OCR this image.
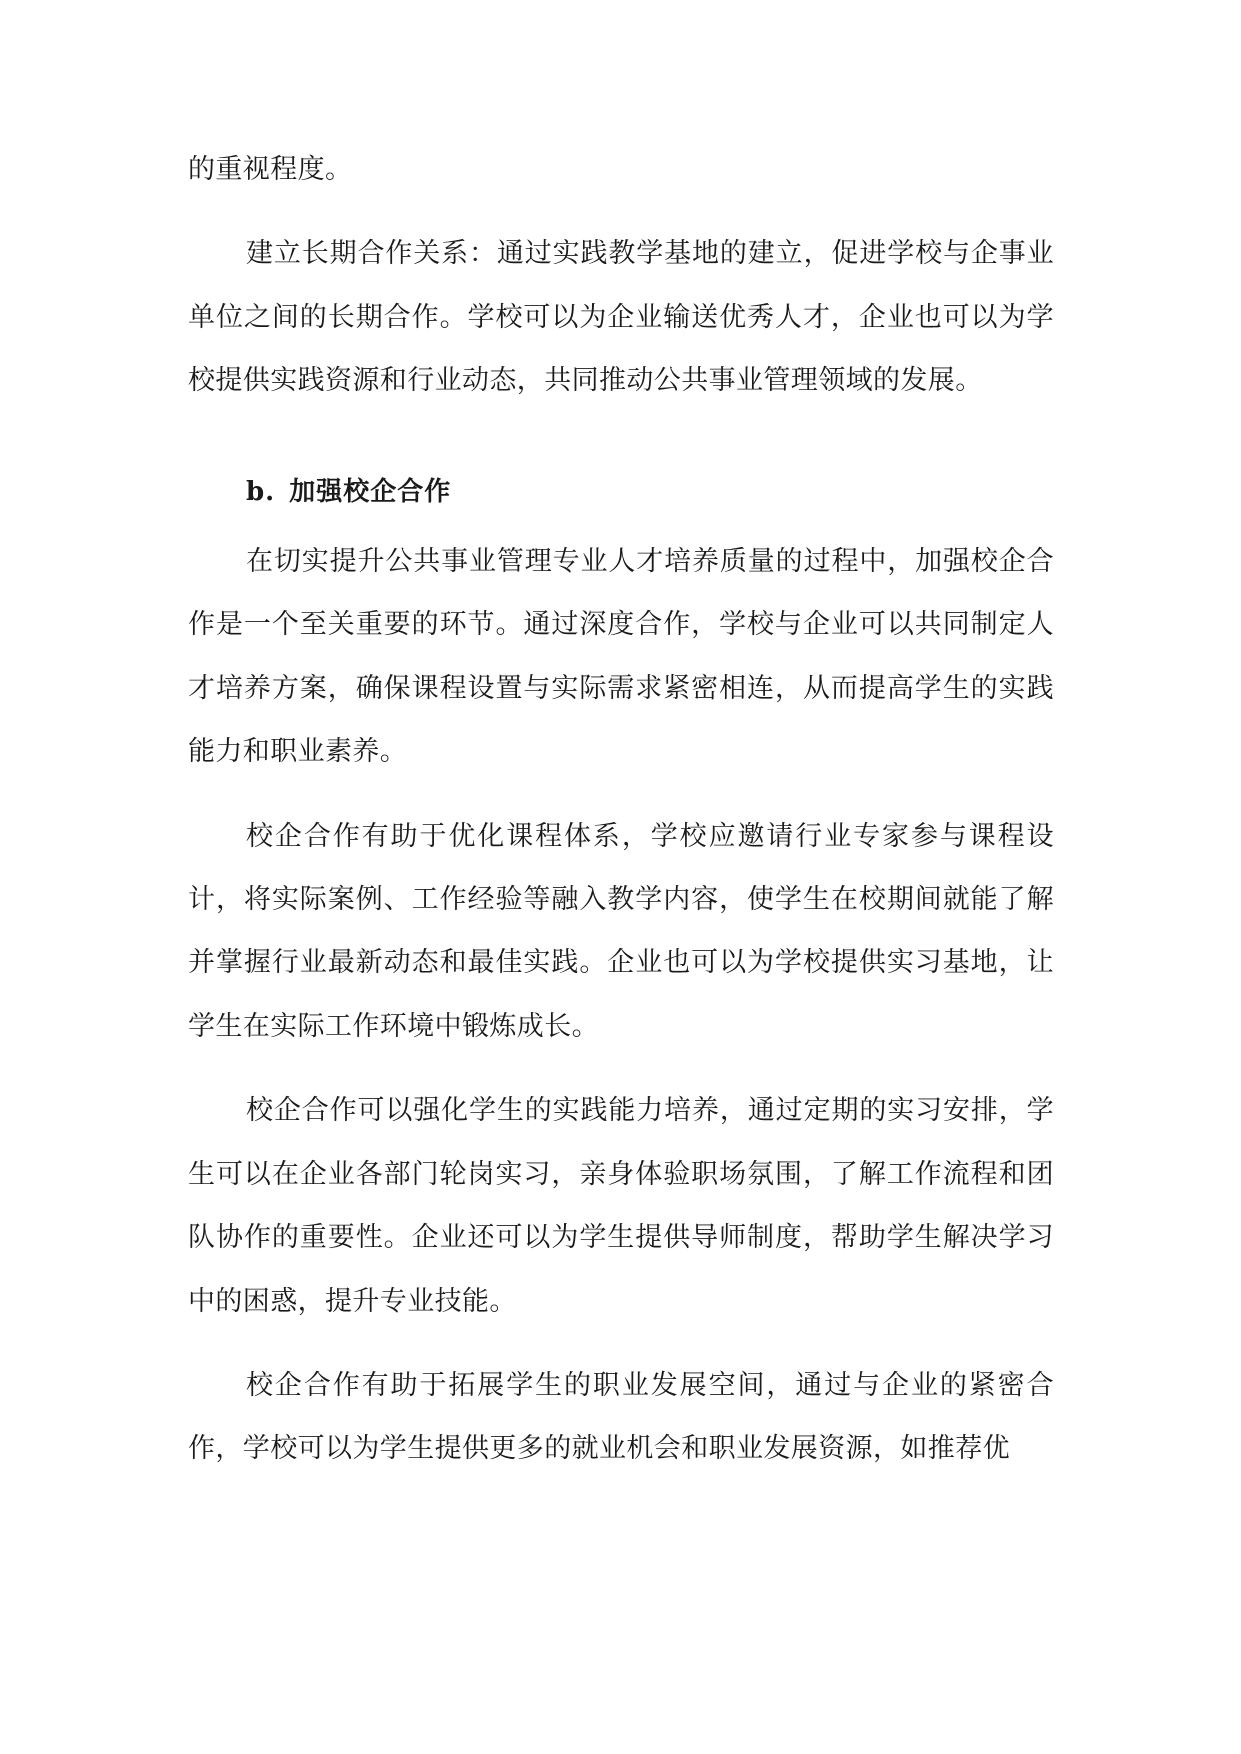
的重视程度。

建立长期合作关系：通过实践教学基地的建立，促进学校与企事业单位之间的长期合作。学校可以为企业输送优秀人才，企业也可以为学校提供实践资源和行业动态，共同推动公共事业管理领域的发展。

b. 加强校企合作

在切实提升公共事业管理专业人才培养质量的过程中，加强校企合作是一个至关重要的环节。通过深度合作，学校与企业可以共同制定人才培养方案，确保课程设置与实际需求紧密相连，从而提高学生的实践能力和职业素养。

校企合作有助于优化课程体系，学校应邀请行业专家参与课程设计，将实际案例、工作经验等融入教学内容，使学生在校期间就能了解并掌握行业最新动态和最佳实践。企业也可以为学校提供实习基地，让学生在实际工作环境中锻炼成长。

校企合作可以强化学生的实践能力培养，通过定期的实习安排，学生可以在企业各部门轮岗实习，亲身体验职场氛围，了解工作流程和团队协作的重要性。企业还可以为学生提供导师制度，帮助学生解决学习中的困惑，提升专业技能。

校企合作有助于拓展学生的职业发展空间，通过与企业的紧密合作，学校可以为学生提供更多的就业机会和职业发展资源，如推荐优
